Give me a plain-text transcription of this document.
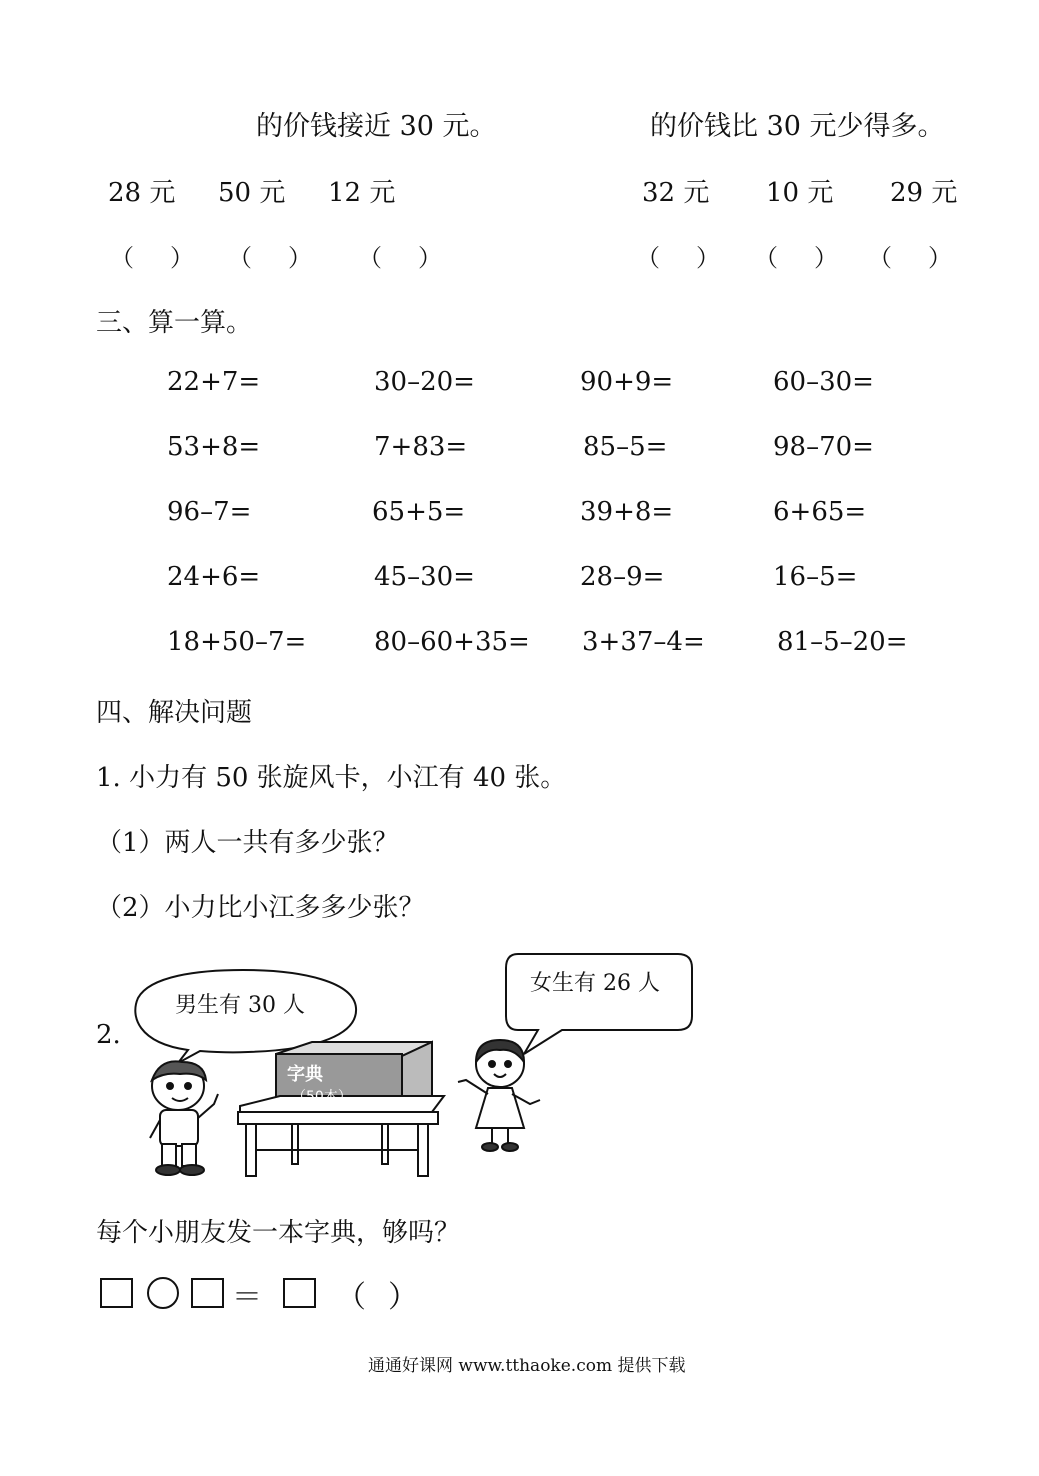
的价钱接近 30 元。	的价钱比 30 元少得多。
28 元 50 元 12 元	32 元 10 元 29 元
（ ） （ ） （ ）	（ ） （ ） （ ）
三、算一算。
22+7=	30–20=	90+9=	60–30=
53+8=	7+83=	85–5=	98–70=
96–7=	65+5=	39+8=	6+65=
24+6=	45–30=	28–9=	16–5=
18+50–7=	80–60+35= 3+37–4=	81–5–20=
四、解决问题
1. 小力有 50 张旋风卡，小江有 40 张。
（1）两人一共有多少张？
（2）小力比小江多多少张？
2.
男生有 30 人
女生有 26 人
字典
（50本）
每个小朋友发一本字典，够吗？
＝ （ ）
通通好课网 www.tthaoke.com 提供下载
